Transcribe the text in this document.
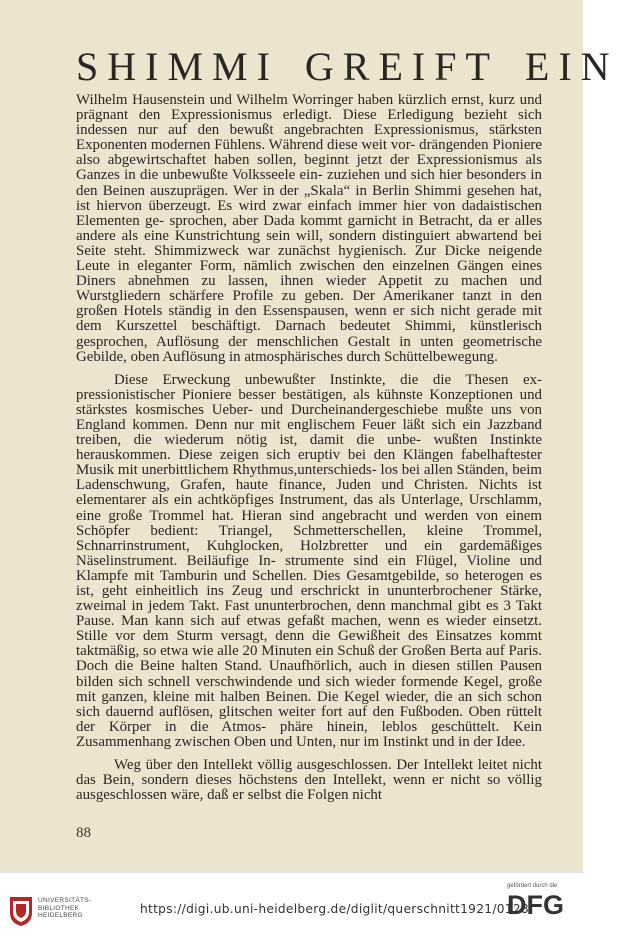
SHIMMI GREIFT EIN

Wilhelm Hausenstein und Wilhelm Worringer haben kürzlich ernst, kurz und prägnant den Expressionismus erledigt. Diese Erledigung bezieht sich indessen nur auf den bewußt angebrachten Expressionismus, stärksten Exponenten modernen Fühlens. Während diese weit vor- drängenden Pioniere also abgewirtschaftet haben sollen, beginnt jetzt der Expressionismus als Ganzes in die unbewußte Volksseele ein- zuziehen und sich hier besonders in den Beinen auszuprägen. Wer in der „Skala“ in Berlin Shimmi gesehen hat, ist hiervon überzeugt. Es wird zwar einfach immer hier von dadaistischen Elementen ge- sprochen, aber Dada kommt garnicht in Betracht, da er alles andere als eine Kunstrichtung sein will, sondern distinguiert abwartend bei Seite steht. Shimmizweck war zunächst hygienisch. Zur Dicke neigende Leute in eleganter Form, nämlich zwischen den einzelnen Gängen eines Diners abnehmen zu lassen, ihnen wieder Appetit zu machen und Wurstgliedern schärfere Profile zu geben. Der Amerikaner tanzt in den großen Hotels ständig in den Essenspausen, wenn er sich nicht gerade mit dem Kurszettel beschäftigt. Darnach bedeutet Shimmi, künstlerisch gesprochen, Auflösung der menschlichen Gestalt in unten geometrische Gebilde, oben Auflösung in atmosphärisches durch Schüttelbewegung.

Diese Erweckung unbewußter Instinkte, die die Thesen ex- pressionistischer Pioniere besser bestätigen, als kühnste Konzeptionen und stärkstes kosmisches Ueber- und Durcheinandergeschiebe mußte uns von England kommen. Denn nur mit englischem Feuer läßt sich ein Jazzband treiben, die wiederum nötig ist, damit die unbe- wußten Instinkte herauskommen. Diese zeigen sich eruptiv bei den Klängen fabelhaftester Musik mit unerbittlichem Rhythmus,unterschieds- los bei allen Ständen, beim Ladenschwung, Grafen, haute finance, Juden und Christen. Nichts ist elementarer als ein achtköpfiges Instrument, das als Unterlage, Urschlamm, eine große Trommel hat. Hieran sind angebracht und werden von einem Schöpfer bedient: Triangel, Schmetterschellen, kleine Trommel, Schnarrinstrument, Kuhglocken, Holzbretter und ein gardemäßiges Näselinstrument. Beiläufige In- strumente sind ein Flügel, Violine und Klampfe mit Tamburin und Schellen. Dies Gesamtgebilde, so heterogen es ist, geht einheitlich ins Zeug und erschrickt in ununterbrochener Stärke, zweimal in jedem Takt. Fast ununterbrochen, denn manchmal gibt es 3 Takt Pause. Man kann sich auf etwas gefaßt machen, wenn es wieder einsetzt. Stille vor dem Sturm versagt, denn die Gewißheit des Einsatzes kommt taktmäßig, so etwa wie alle 20 Minuten ein Schuß der Großen Berta auf Paris. Doch die Beine halten Stand. Unaufhörlich, auch in diesen stillen Pausen bilden sich schnell verschwindende und sich wieder formende Kegel, große mit ganzen, kleine mit halben Beinen. Die Kegel wieder, die an sich schon sich dauernd auflösen, glitschen weiter fort auf den Fußboden. Oben rüttelt der Körper in die Atmos- phäre hinein, leblos geschüttelt. Kein Zusammenhang zwischen Oben und Unten, nur im Instinkt und in der Idee.

Weg über den Intellekt völlig ausgeschlossen. Der Intellekt leitet nicht das Bein, sondern dieses höchstens den Intellekt, wenn er nicht so völlig ausgeschlossen wäre, daß er selbst die Folgen nicht

88
UNIVERSITÄTS-
BIBLIOTHEK
HEIDELBERG	https://digi.ub.uni-heidelberg.de/diglit/querschnitt1921/0128
gefördert durch die
DFG
